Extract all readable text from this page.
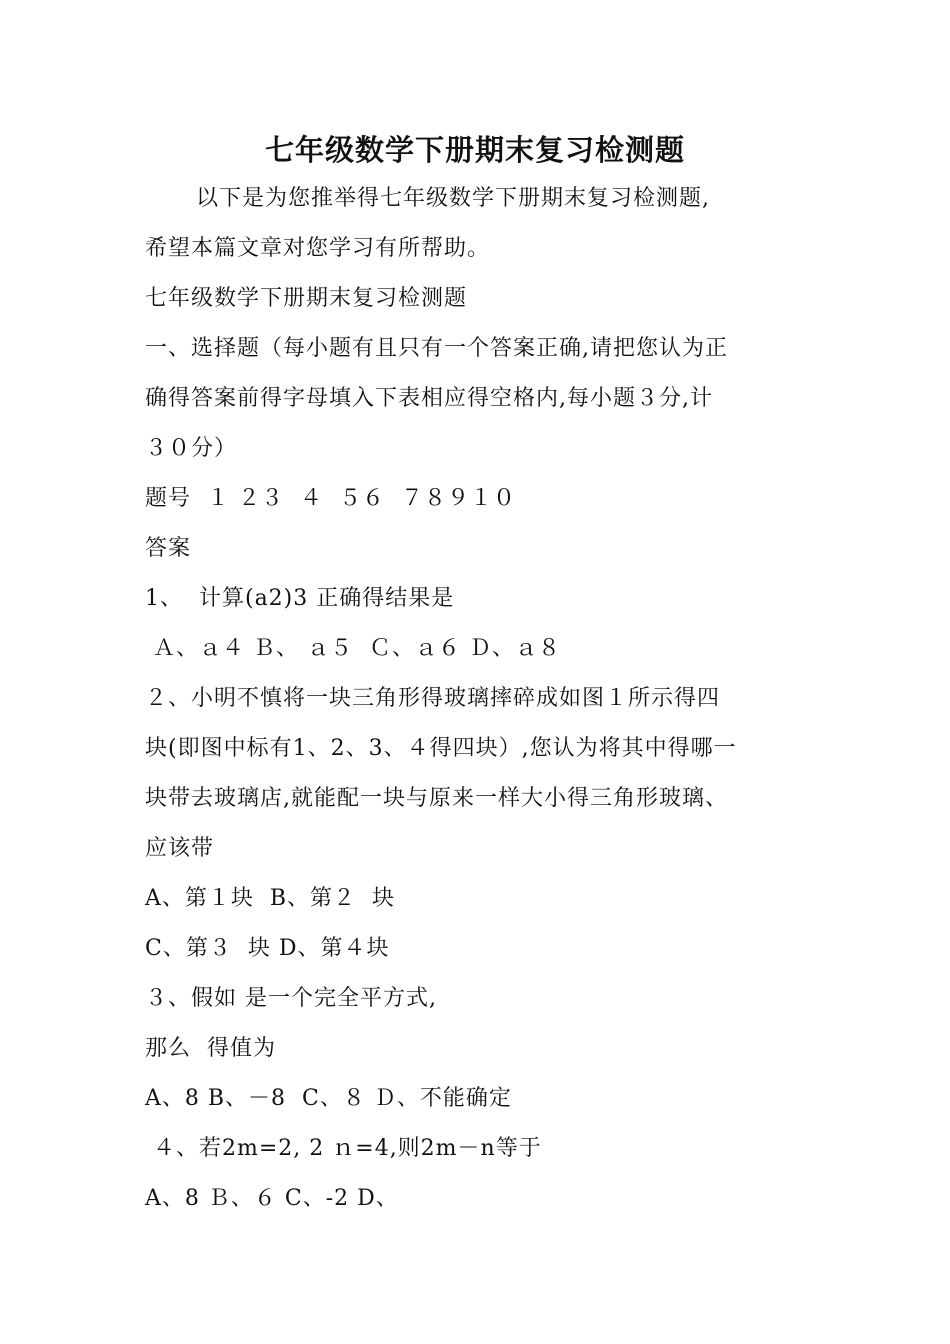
七年级数学下册期末复习检测题
以下是为您推举得七年级数学下册期末复习检测题,
希望本篇文章对您学习有所帮助。
七年级数学下册期末复习检测题
一、选择题（每小题有且只有一个答案正确,请把您认为正
确得答案前得字母填入下表相应得空格内,每小题３分,计
３０分）
题号  １ ２３  ４  ５６  ７８９１０
答案
1、  计算(a2)3 正确得结果是
Ａ、ａ４ Ｂ、 ａ５  Ｃ、ａ６ Ｄ、ａ８
２、小明不慎将一块三角形得玻璃摔碎成如图１所示得四
块(即图中标有1、2、3、４得四块）,您认为将其中得哪一
块带去玻璃店,就能配一块与原来一样大小得三角形玻璃、
应该带
A、第１块  B、第２  块
C、第３  块 D、第４块
３、假如 是一个完全平方式,
那么  得值为
A、8 B、－8  C、８ Ｄ、不能确定
４、若2m=2, 2 ｎ=4,则2m－n等于
A、8 Ｂ、６ C、-2 D、
